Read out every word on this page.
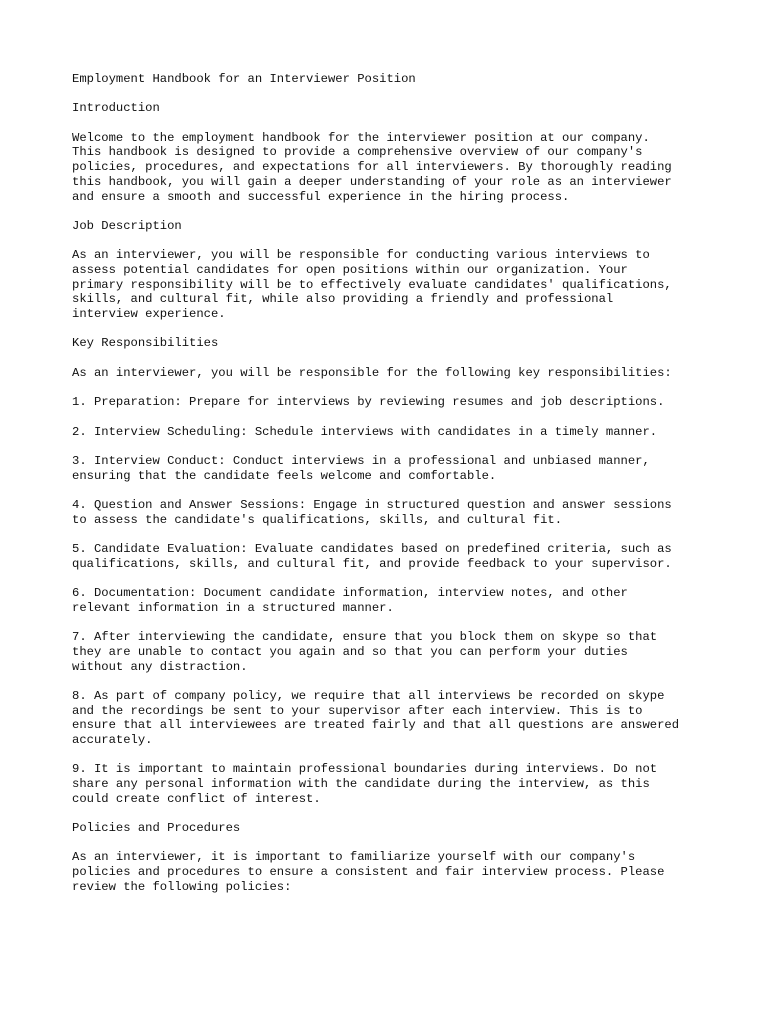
Employment Handbook for an Interviewer Position
Introduction
Welcome to the employment handbook for the interviewer position at our company.
This handbook is designed to provide a comprehensive overview of our company's
policies, procedures, and expectations for all interviewers. By thoroughly reading
this handbook, you will gain a deeper understanding of your role as an interviewer
and ensure a smooth and successful experience in the hiring process.
Job Description
As an interviewer, you will be responsible for conducting various interviews to
assess potential candidates for open positions within our organization. Your
primary responsibility will be to effectively evaluate candidates' qualifications,
skills, and cultural fit, while also providing a friendly and professional
interview experience.
Key Responsibilities
As an interviewer, you will be responsible for the following key responsibilities:
1. Preparation: Prepare for interviews by reviewing resumes and job descriptions.
2. Interview Scheduling: Schedule interviews with candidates in a timely manner.
3. Interview Conduct: Conduct interviews in a professional and unbiased manner,
ensuring that the candidate feels welcome and comfortable.
4. Question and Answer Sessions: Engage in structured question and answer sessions
to assess the candidate's qualifications, skills, and cultural fit.
5. Candidate Evaluation: Evaluate candidates based on predefined criteria, such as
qualifications, skills, and cultural fit, and provide feedback to your supervisor.
6. Documentation: Document candidate information, interview notes, and other
relevant information in a structured manner.
7. After interviewing the candidate, ensure that you block them on skype so that
they are unable to contact you again and so that you can perform your duties
without any distraction.
8. As part of company policy, we require that all interviews be recorded on skype
and the recordings be sent to your supervisor after each interview. This is to
ensure that all interviewees are treated fairly and that all questions are answered
accurately.
9. It is important to maintain professional boundaries during interviews. Do not
share any personal information with the candidate during the interview, as this
could create conflict of interest.
Policies and Procedures
As an interviewer, it is important to familiarize yourself with our company's
policies and procedures to ensure a consistent and fair interview process. Please
review the following policies:
